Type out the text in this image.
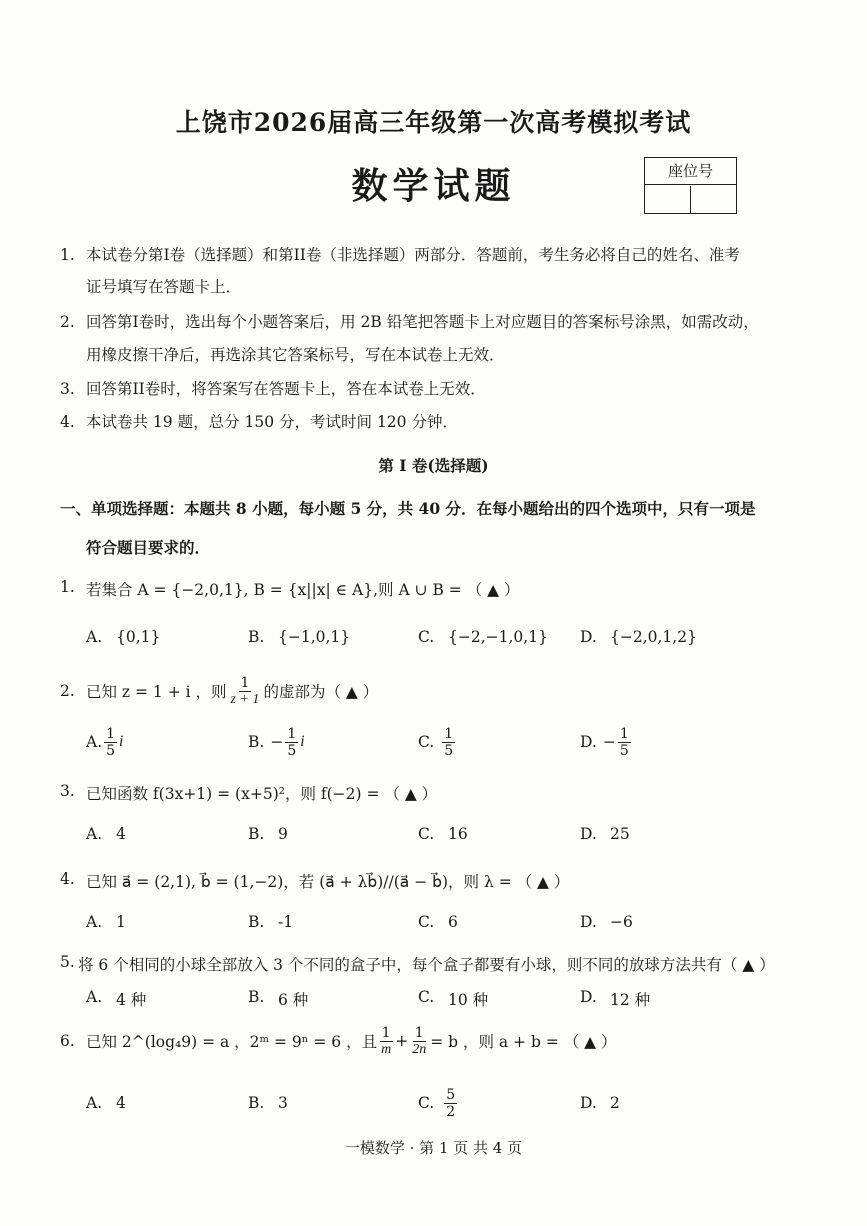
上饶市2026届高三年级第一次高考模拟考试
数学试题	座位号
1. 本试卷分第I卷（选择题）和第II卷（非选择题）两部分．答题前，考生务必将自己的姓名、准考
证号填写在答题卡上．
2. 回答第I卷时，选出每个小题答案后，用 2B 铅笔把答题卡上对应题目的答案标号涂黑，如需改动，
用橡皮擦干净后，再选涂其它答案标号，写在本试卷上无效．
3. 回答第II卷时，将答案写在答题卡上，答在本试卷上无效．
4. 本试卷共 19 题，总分 150 分，考试时间 120 分钟．
第 I 卷(选择题)
一、单项选择题：本题共 8 小题，每小题 5 分，共 40 分．在每小题给出的四个选项中，只有一项是
符合题目要求的．
1. 若集合 A = {−2,0,1}, B = {x||x| ∈ A},则 A ∪ B = （ ▲ ）
A. {0,1}	B. {−1,0,1}	C. {−2,−1,0,1} D. {−2,0,1,2}
2. 已知 z = 1 + i ，则 $\frac{1}{z + 1}$ 的虚部为（ ▲ ）
A. $\frac{1}{5}$ i	B. − $\frac{1}{5}$ i	C. $\frac{1}{5}$	D. − $\frac{1}{5}$
3. 已知函数 f(3x+1) = (x+5)²，则 f(−2) = （ ▲ ）
A. 4	B. 9	C. 16	D. 25
4. 已知 a⃗ = (2,1), b⃗ = (1,−2)，若 (a⃗ + λb⃗)//(a⃗ − b⃗)，则 λ = （ ▲ ）
A. 1	B. -1	C. 6	D. −6
5. 将 6 个相同的小球全部放入 3 个不同的盒子中，每个盒子都要有小球，则不同的放球方法共有（ ▲ ）
A. 4 种	B. 6 种	C. 10 种	D. 12 种
6. 已知 2^(log₄9) = a ，2ᵐ = 9ⁿ = 6 ，且 $\frac{1}{m} + \frac{1}{2n} = b$ ，则 a + b = （ ▲ ）
A. 4	B. 3	C. $\frac{5}{2}$	D. 2
一模数学 · 第 1 页 共 4 页
